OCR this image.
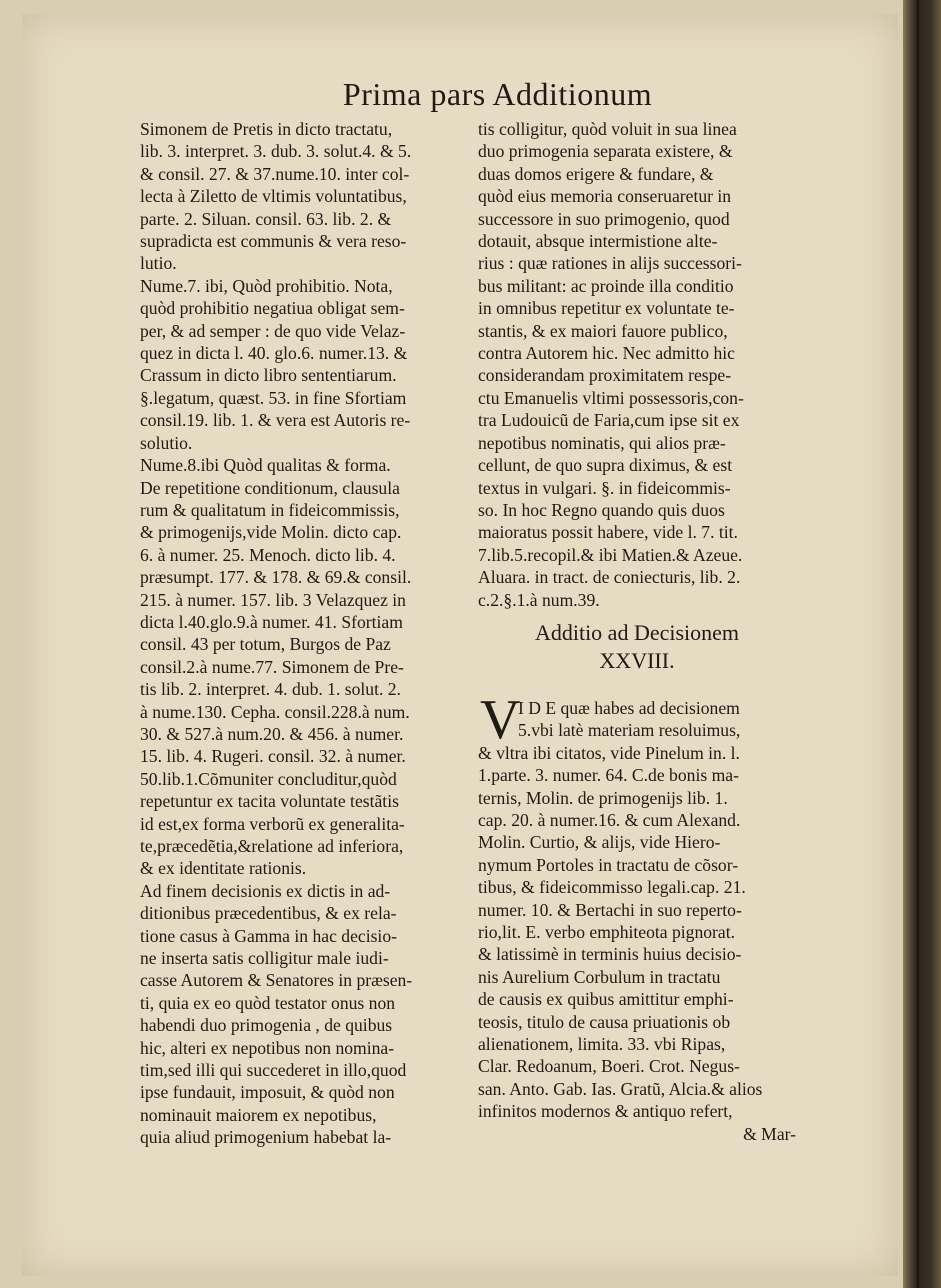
Prima pars Additionum
Simonem de Pretis in dicto tractatu,
lib. 3. interpret. 3. dub. 3. solut.4. & 5.
& consil. 27. & 37.nume.10. inter col-
lecta à Ziletto de vltimis voluntatibus,
parte. 2. Siluan. consil. 63. lib. 2. &
supradicta est communis & vera reso-
lutio.
Nume.7. ibi, Quòd prohibitio. Nota,
quòd prohibitio negatiua obligat sem-
per, & ad semper : de quo vide Velaz-
quez in dicta l. 40. glo.6. numer.13. &
Crassum in dicto libro sententiarum.
§.legatum, quæst. 53. in fine Sfortiam
consil.19. lib. 1. & vera est Autoris re-
solutio.
Nume.8.ibi Quòd qualitas & forma.
De repetitione conditionum, clausula
rum & qualitatum in fideicommissis,
& primogenijs,vide Molin. dicto cap.
6. à numer. 25. Menoch. dicto lib. 4.
præsumpt. 177. & 178. & 69.& consil.
215. à numer. 157. lib. 3 Velazquez in
dicta l.40.glo.9.à numer. 41. Sfortiam
consil. 43 per totum, Burgos de Paz
consil.2.à nume.77. Simonem de Pre-
tis lib. 2. interpret. 4. dub. 1. solut. 2.
à nume.130. Cepha. consil.228.à num.
30. & 527.à num.20. & 456. à numer.
15. lib. 4. Rugeri. consil. 32. à numer.
50.lib.1.Cõmuniter concluditur,quòd
repetuntur ex tacita voluntate testãtis
id est,ex forma verborũ ex generalita-
te,præcedẽtia,&relatione ad inferiora,
& ex identitate rationis.
Ad finem decisionis ex dictis in ad-
ditionibus præcedentibus, & ex rela-
tione casus à Gamma in hac decisio-
ne inserta satis colligitur male iudi-
casse Autorem & Senatores in præsen-
ti, quia ex eo quòd testator onus non
habendi duo primogenia , de quibus
hic, alteri ex nepotibus non nomina-
tim,sed illi qui succederet in illo,quod
ipse fundauit, imposuit, & quòd non
nominauit maiorem ex nepotibus,
quia aliud primogenium habebat la-
tis colligitur, quòd voluit in sua linea
duo primogenia separata existere, &
duas domos erigere & fundare, &
quòd eius memoria conseruaretur in
successore in suo primogenio, quod
dotauit, absque intermistione alte-
rius : quæ rationes in alijs successori-
bus militant: ac proinde illa conditio
in omnibus repetitur ex voluntate te-
stantis, & ex maiori fauore publico,
contra Autorem hic. Nec admitto hic
considerandam proximitatem respe-
ctu Emanuelis vltimi possessoris,con-
tra Ludouicũ de Faria,cum ipse sit ex
nepotibus nominatis, qui alios præ-
cellunt, de quo supra diximus, & est
textus in vulgari. §. in fideicommis-
so. In hoc Regno quando quis duos
maioratus possit habere, vide l. 7. tit.
7.lib.5.recopil.& ibi Matien.& Azeue.
Aluara. in tract. de coniecturis, lib. 2.
c.2.§.1.à num.39.
Additio ad Decisionem
XXVIII.
V
I D E quæ habes ad decisionem
5.vbi latè materiam resoluimus,
& vltra ibi citatos, vide Pinelum in. l.
1.parte. 3. numer. 64. C.de bonis ma-
ternis, Molin. de primogenijs lib. 1.
cap. 20. à numer.16. & cum Alexand.
Molin. Curtio, & alijs, vide Hiero-
nymum Portoles in tractatu de cõsor-
tibus, & fideicommisso legali.cap. 21.
numer. 10. & Bertachi in suo reperto-
rio,lit. E. verbo emphiteota pignorat.
& latissimè in terminis huius decisio-
nis Aurelium Corbulum in tractatu
de causis ex quibus amittitur emphi-
teosis, titulo de causa priuationis ob
alienationem, limita. 33. vbi Ripas,
Clar. Redoanum, Boeri. Crot. Negus-
san. Anto. Gab. Ias. Gratũ, Alcia.& alios
infinitos modernos & antiquo refert,
& Mar-
